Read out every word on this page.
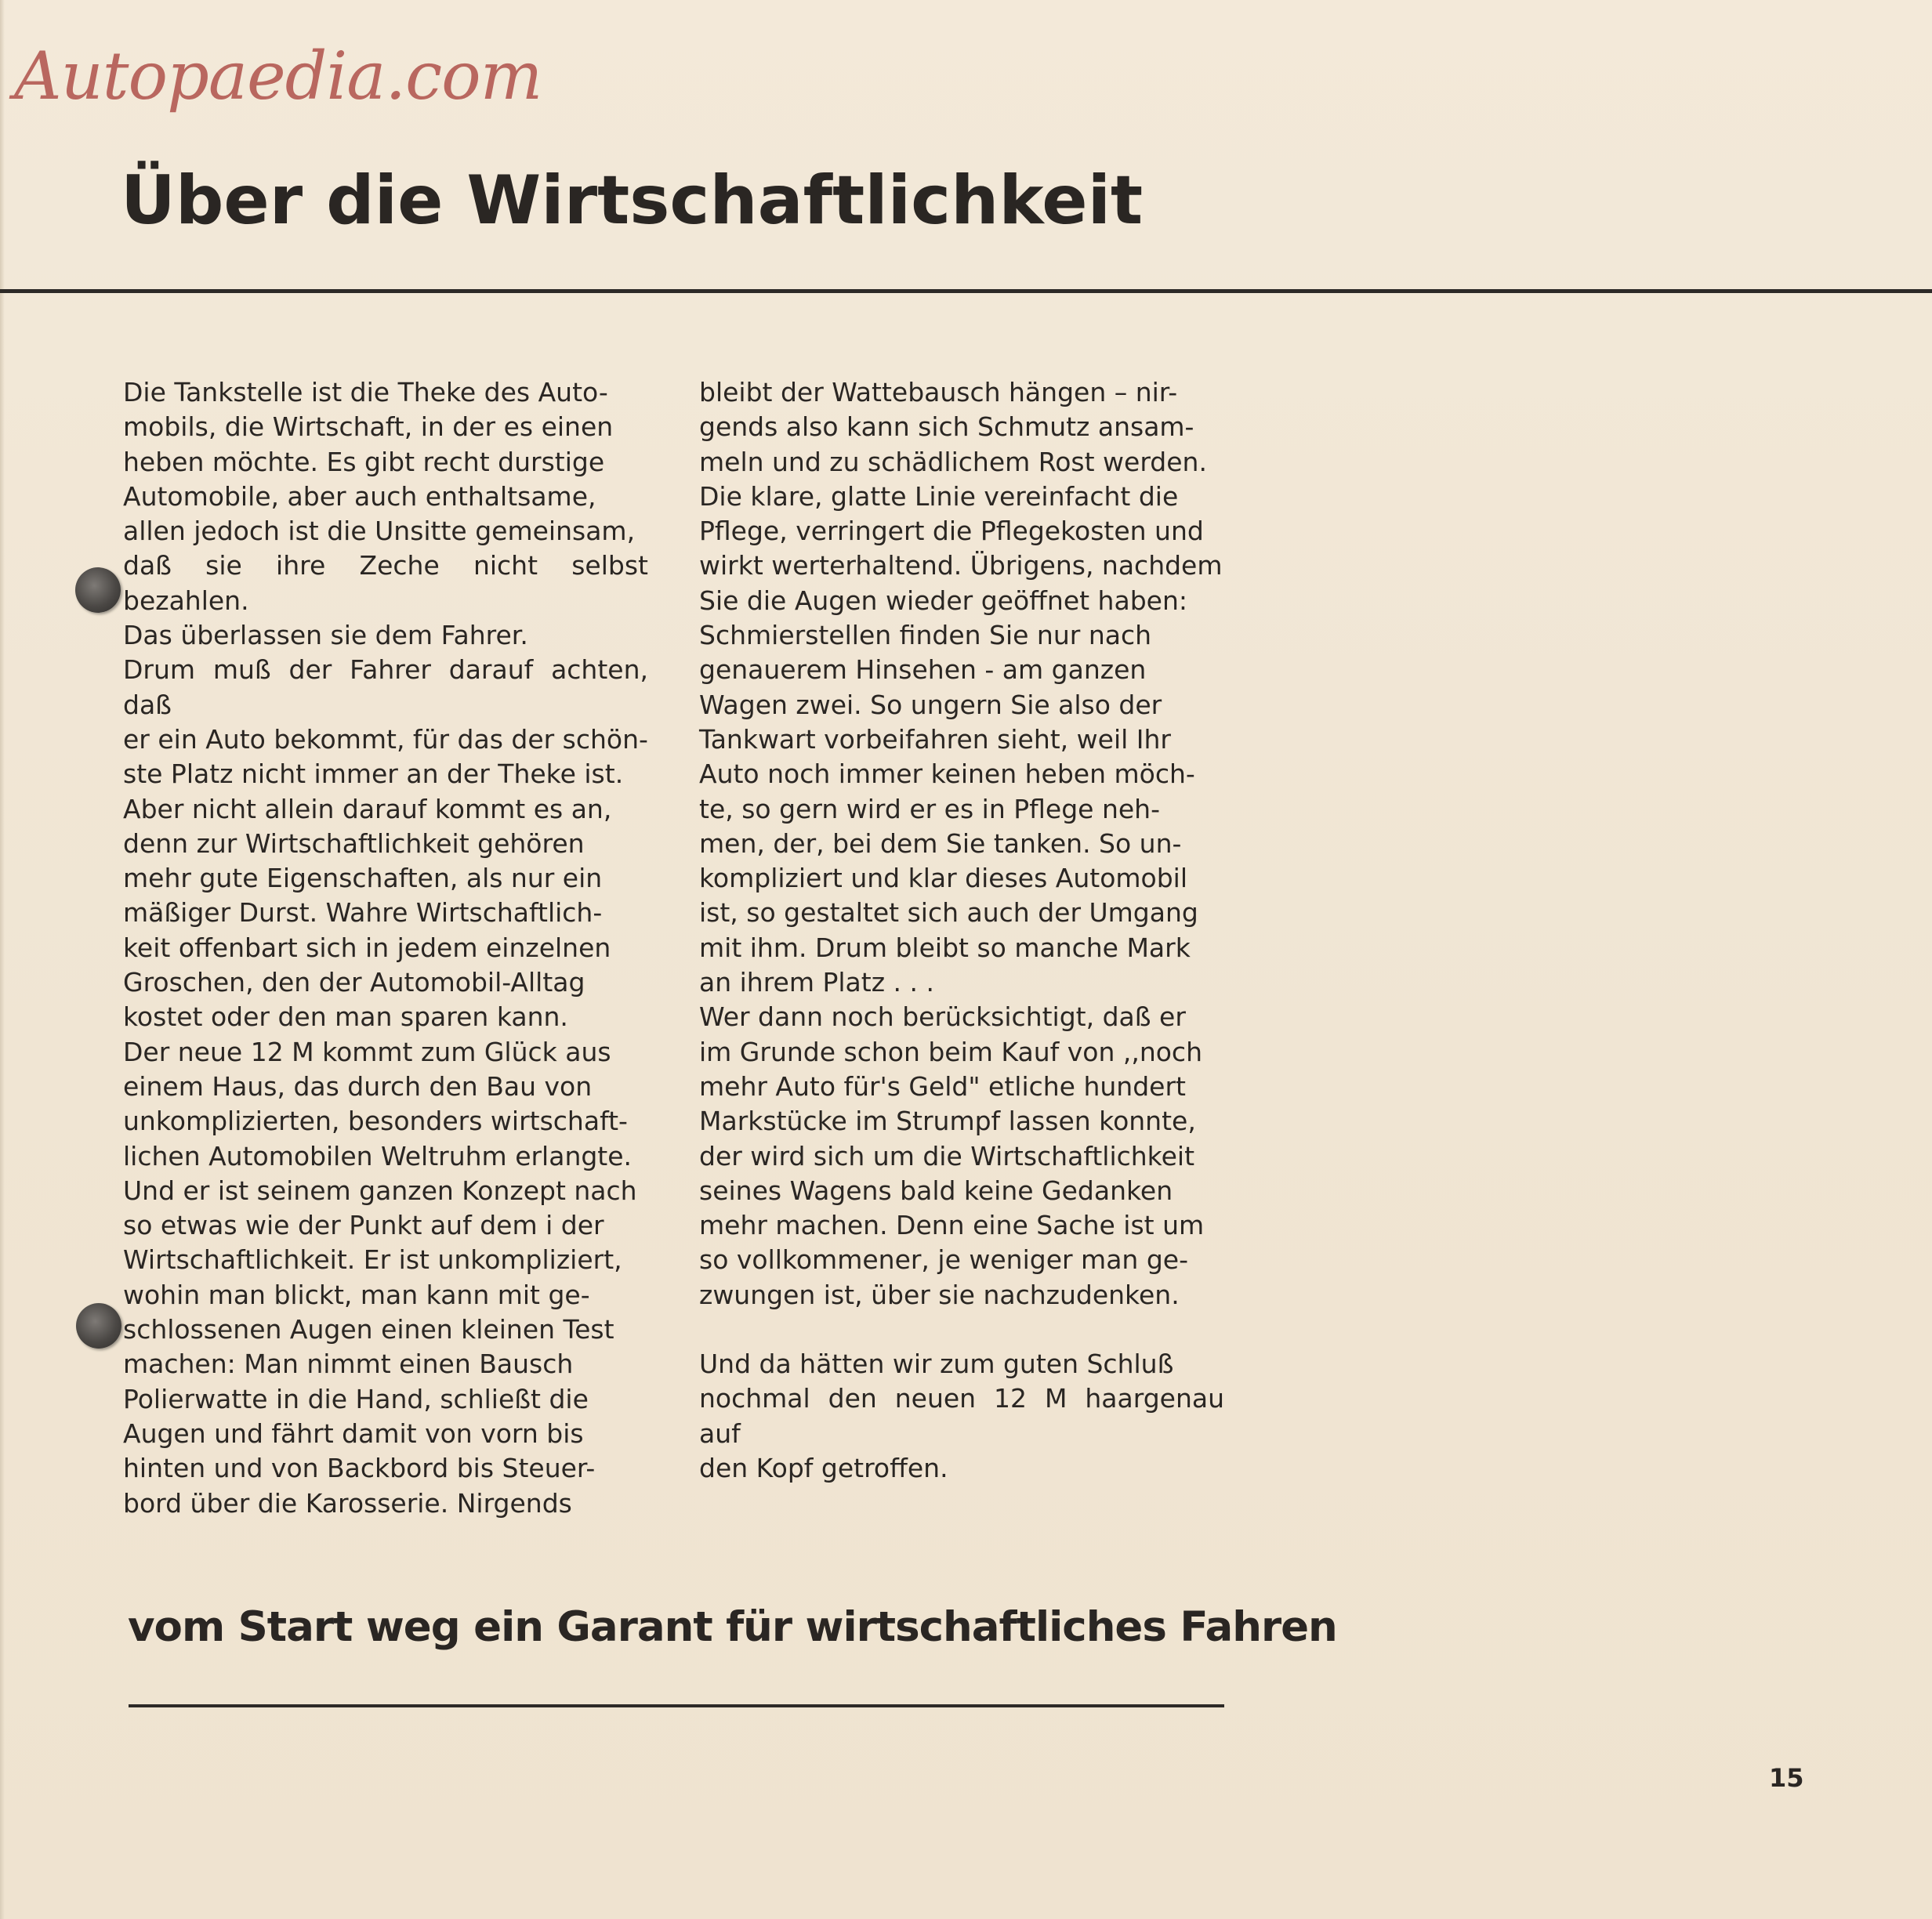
Autopaedia.com
Über die Wirtschaftlichkeit

Die Tankstelle ist die Theke des Auto-
mobils, die Wirtschaft, in der es einen
heben möchte. Es gibt recht durstige
Automobile, aber auch enthaltsame,
allen jedoch ist die Unsitte gemeinsam,
daß sie ihre Zeche nicht selbst bezahlen.
Das überlassen sie dem Fahrer.

Drum muß der Fahrer darauf achten, daß
er ein Auto bekommt, für das der schön-
ste Platz nicht immer an der Theke ist.
Aber nicht allein darauf kommt es an,
denn zur Wirtschaftlichkeit gehören
mehr gute Eigenschaften, als nur ein
mäßiger Durst. Wahre Wirtschaftlich-
keit offenbart sich in jedem einzelnen
Groschen, den der Automobil-Alltag
kostet oder den man sparen kann.

Der neue 12 M kommt zum Glück aus
einem Haus, das durch den Bau von
unkomplizierten, besonders wirtschaft-
lichen Automobilen Weltruhm erlangte.
Und er ist seinem ganzen Konzept nach
so etwas wie der Punkt auf dem i der
Wirtschaftlichkeit. Er ist unkompliziert,
wohin man blickt, man kann mit ge-
schlossenen Augen einen kleinen Test
machen: Man nimmt einen Bausch
Polierwatte in die Hand, schließt die
Augen und fährt damit von vorn bis
hinten und von Backbord bis Steuer-
bord über die Karosserie. Nirgends

bleibt der Wattebausch hängen – nir-
gends also kann sich Schmutz ansam-
meln und zu schädlichem Rost werden.
Die klare, glatte Linie vereinfacht die
Pflege, verringert die Pflegekosten und
wirkt werterhaltend. Übrigens, nachdem
Sie die Augen wieder geöffnet haben:
Schmierstellen finden Sie nur nach
genauerem Hinsehen - am ganzen
Wagen zwei. So ungern Sie also der
Tankwart vorbeifahren sieht, weil Ihr
Auto noch immer keinen heben möch-
te, so gern wird er es in Pflege neh-
men, der, bei dem Sie tanken. So un-
kompliziert und klar dieses Automobil
ist, so gestaltet sich auch der Umgang
mit ihm. Drum bleibt so manche Mark
an ihrem Platz . . .

Wer dann noch berücksichtigt, daß er
im Grunde schon beim Kauf von ,,noch
mehr Auto für's Geld" etliche hundert
Markstücke im Strumpf lassen konnte,
der wird sich um die Wirtschaftlichkeit
seines Wagens bald keine Gedanken
mehr machen. Denn eine Sache ist um
so vollkommener, je weniger man ge-
zwungen ist, über sie nachzudenken.

Und da hätten wir zum guten Schluß
nochmal den neuen 12 M haargenau auf
den Kopf getroffen.

vom Start weg ein Garant für wirtschaftliches Fahren
15
